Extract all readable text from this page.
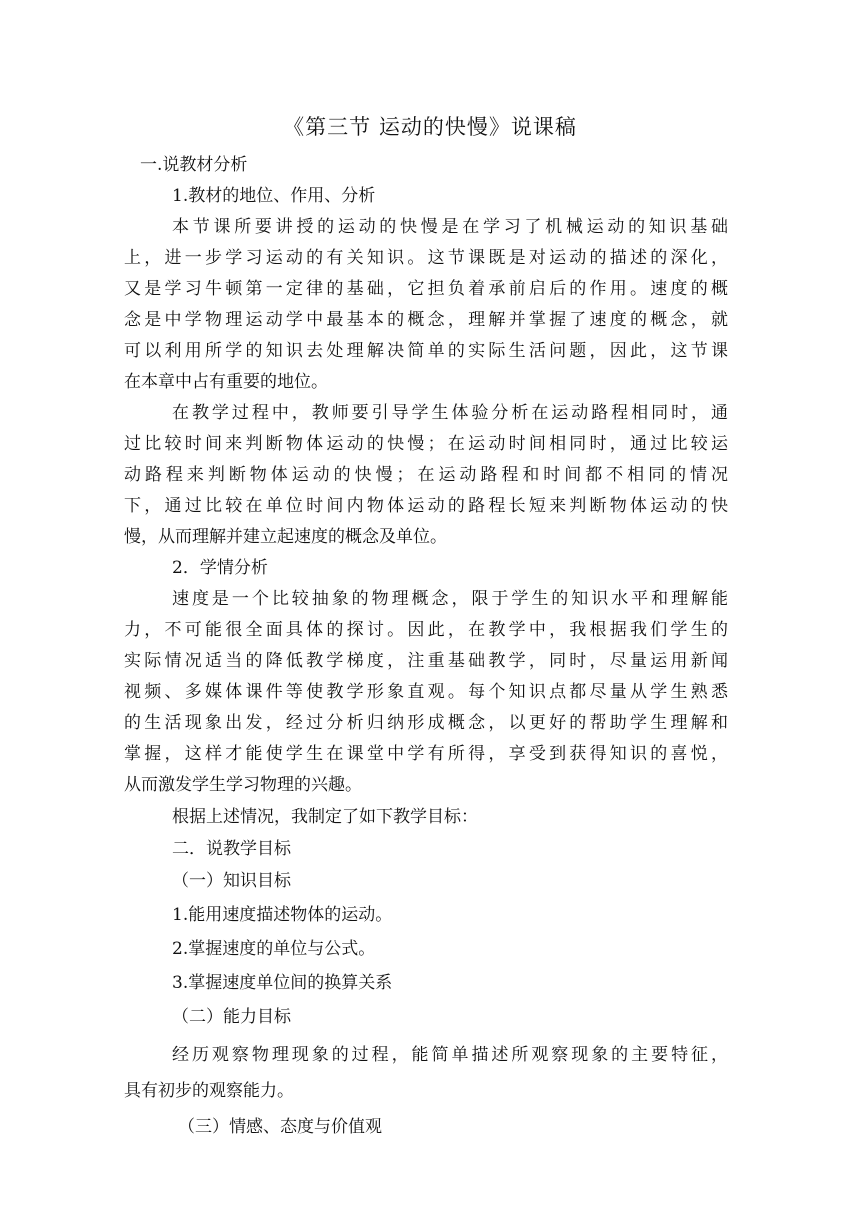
《第三节 运动的快慢》说课稿
一.说教材分析
1.教材的地位、作用、分析
本节课所要讲授的运动的快慢是在学习了机械运动的知识基础
上，进一步学习运动的有关知识。这节课既是对运动的描述的深化，
又是学习牛顿第一定律的基础，它担负着承前启后的作用。速度的概
念是中学物理运动学中最基本的概念，理解并掌握了速度的概念，就
可以利用所学的知识去处理解决简单的实际生活问题，因此，这节课
在本章中占有重要的地位。
在教学过程中，教师要引导学生体验分析在运动路程相同时，通
过比较时间来判断物体运动的快慢；在运动时间相同时，通过比较运
动路程来判断物体运动的快慢；在运动路程和时间都不相同的情况
下，通过比较在单位时间内物体运动的路程长短来判断物体运动的快
慢，从而理解并建立起速度的概念及单位。
2．学情分析
速度是一个比较抽象的物理概念，限于学生的知识水平和理解能
力，不可能很全面具体的探讨。因此，在教学中，我根据我们学生的
实际情况适当的降低教学梯度，注重基础教学，同时，尽量运用新闻
视频、多媒体课件等使教学形象直观。每个知识点都尽量从学生熟悉
的生活现象出发，经过分析归纳形成概念，以更好的帮助学生理解和
掌握，这样才能使学生在课堂中学有所得，享受到获得知识的喜悦，
从而激发学生学习物理的兴趣。
根据上述情况，我制定了如下教学目标：
二．说教学目标
（一）知识目标
1.能用速度描述物体的运动。
2.掌握速度的单位与公式。
3.掌握速度单位间的换算关系
（二）能力目标
经历观察物理现象的过程，能简单描述所观察现象的主要特征，
具有初步的观察能力。
（三）情感、态度与价值观
